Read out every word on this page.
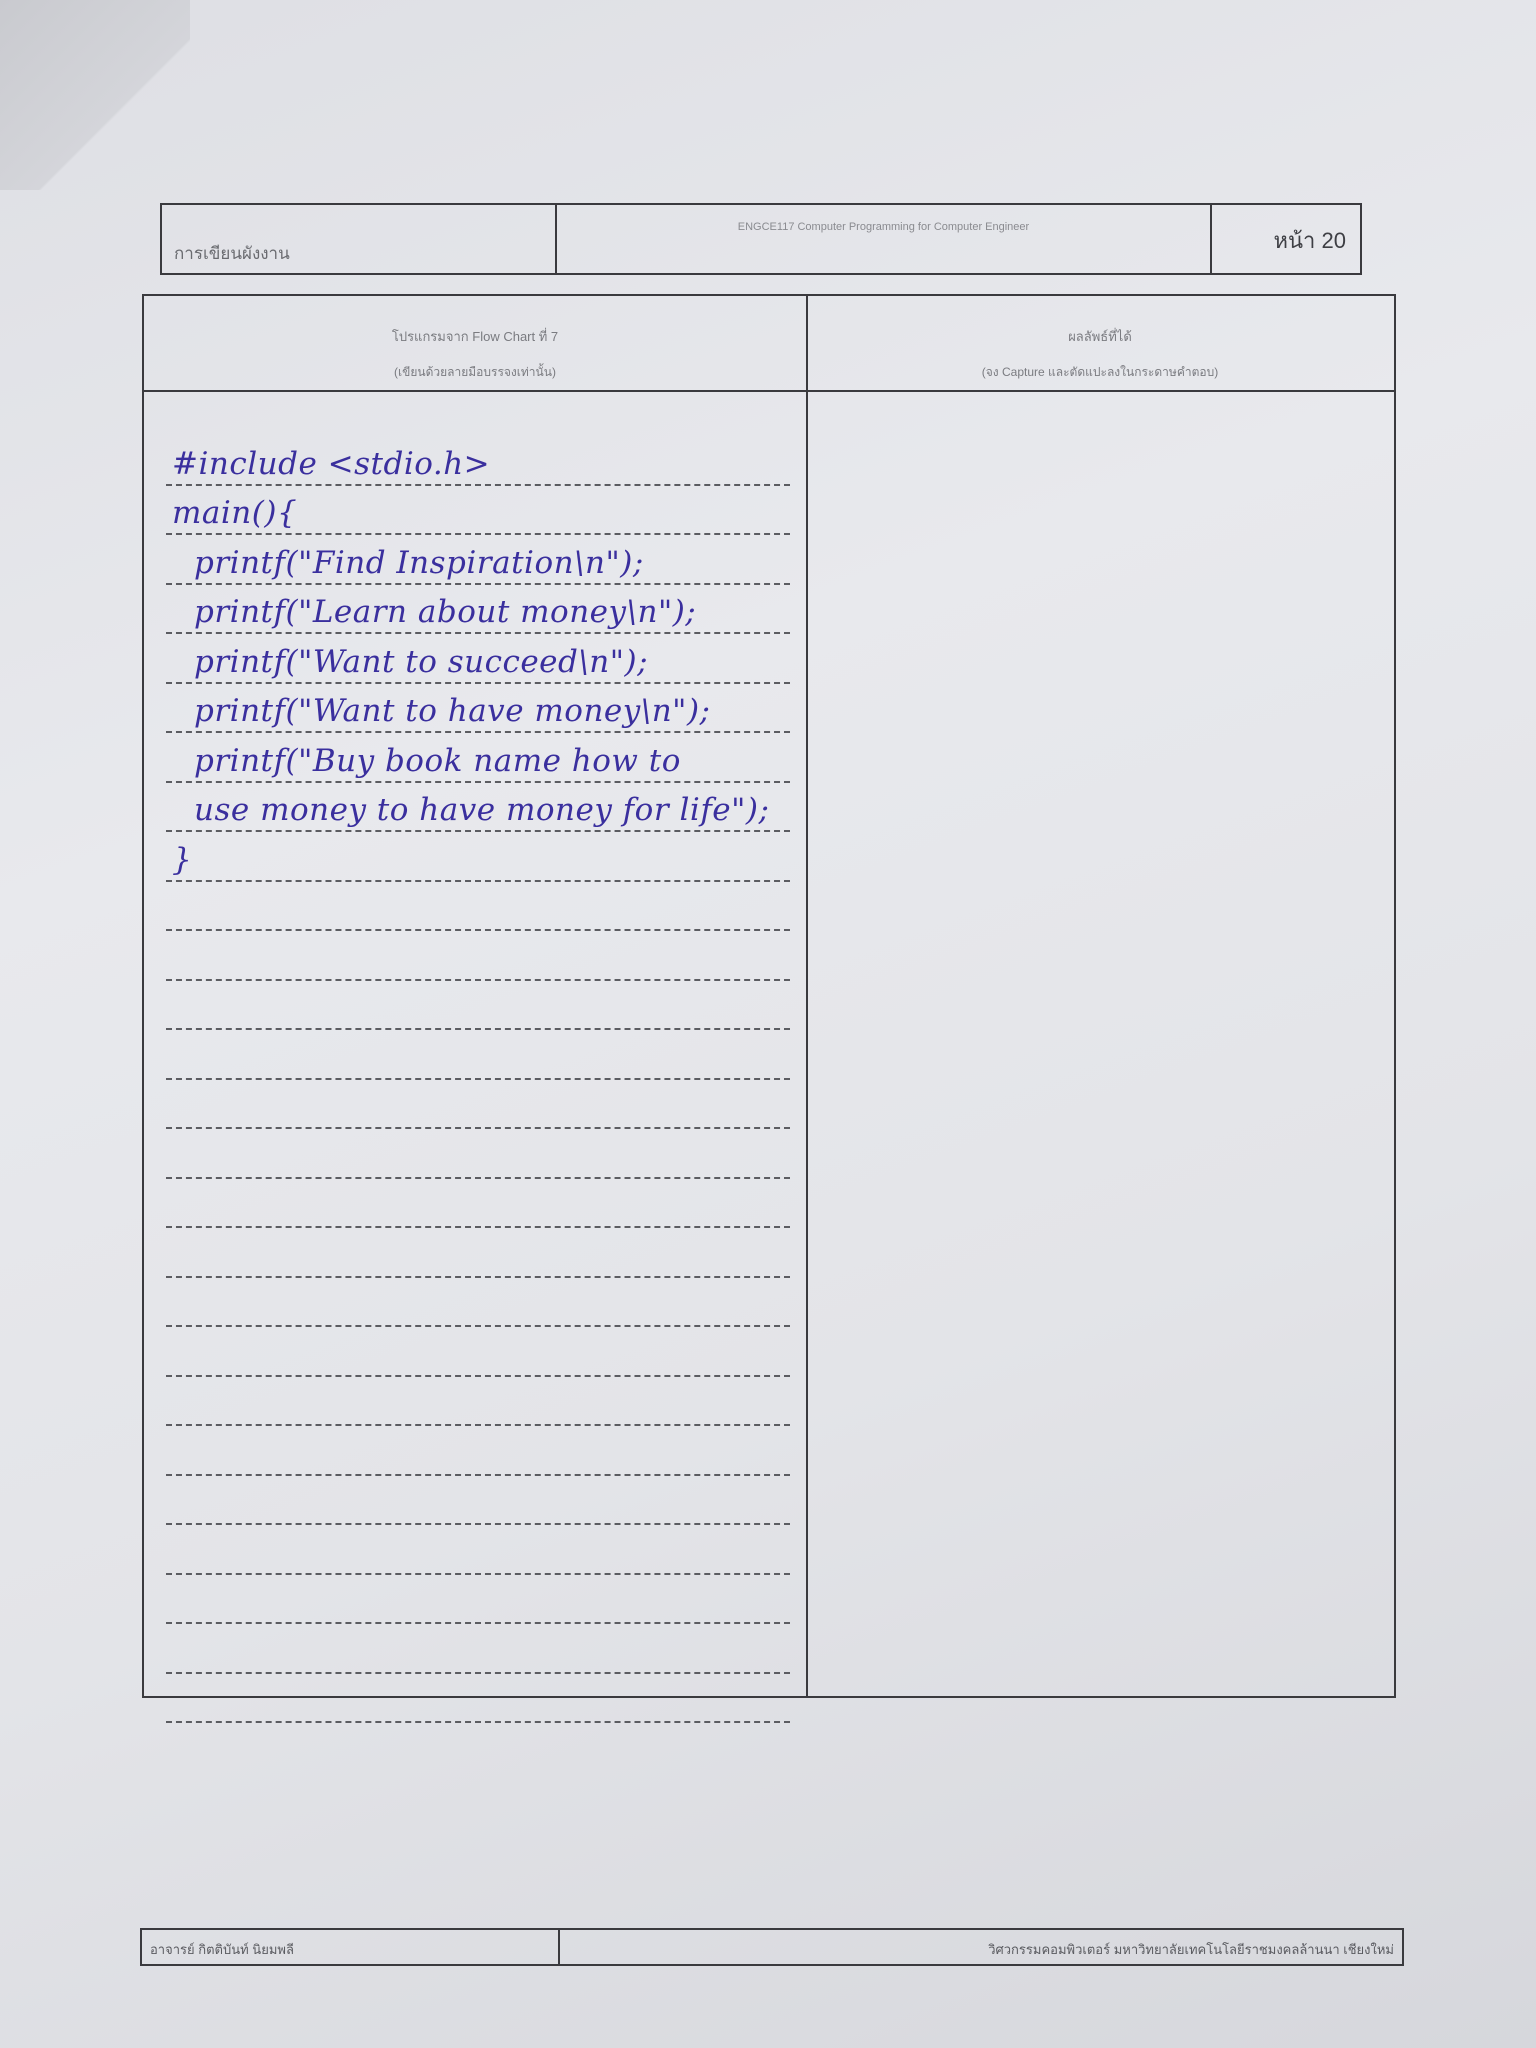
การเขียนผังงาน
ENGCE117 Computer Programming for Computer Engineer
หน้า 20
โปรแกรมจาก Flow Chart ที่ 7
(เขียนด้วยลายมือบรรจงเท่านั้น)
ผลลัพธ์ที่ได้
(จง Capture และตัดแปะลงในกระดาษคำตอบ)
#include <stdio.h>
main(){
printf("Find Inspiration\n");
printf("Learn about money\n");
printf("Want to succeed\n");
printf("Want to have money\n");
printf("Buy book name how to
use money to have money for life");
}
อาจารย์ กิตติบันท์ นิยมพลี	วิศวกรรมคอมพิวเตอร์ มหาวิทยาลัยเทคโนโลยีราชมงคลล้านนา เชียงใหม่
